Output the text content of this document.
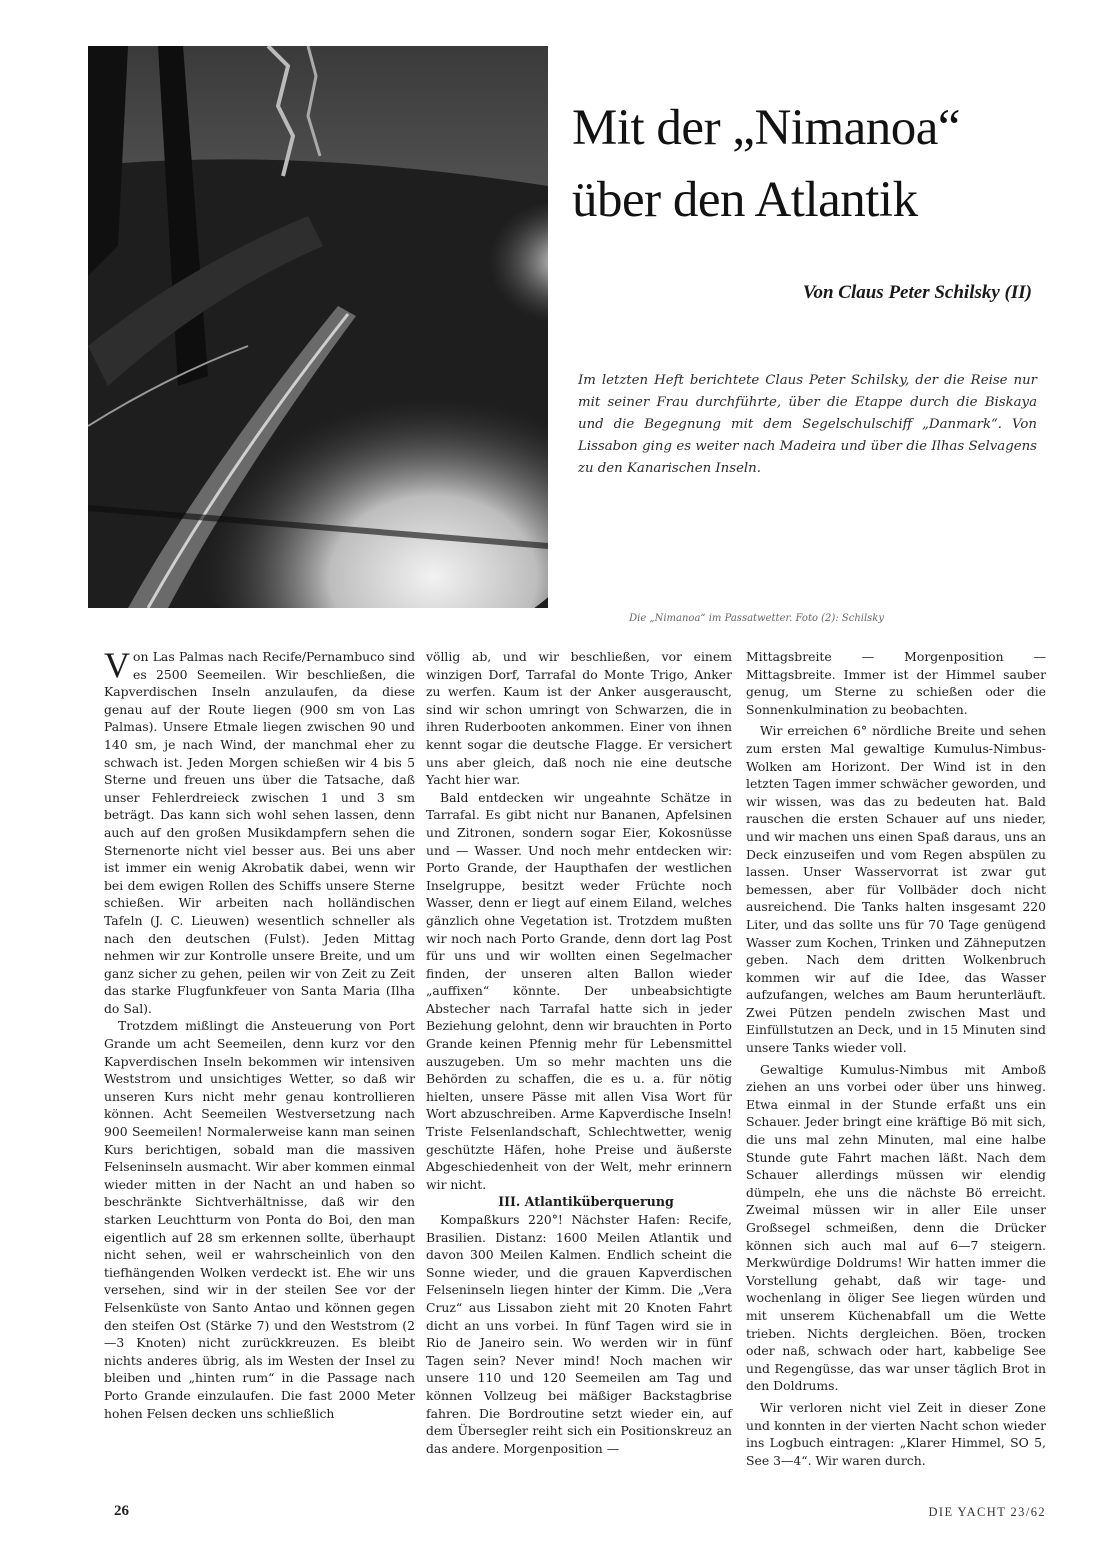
Mit der „Nimanoa“
über den Atlantik
Von Claus Peter Schilsky (II)

Im letzten Heft berichtete Claus Peter Schilsky, der die Reise nur mit seiner Frau durchführte, über die Etappe durch die Biskaya und die Begegnung mit dem Segelschulschiff „Danmark“. Von Lissabon ging es weiter nach Madeira und über die Ilhas Selvagens zu den Kanarischen Inseln.

Die „Nimanoa“ im Passatwetter. Foto (2): Schilsky

Von Las Palmas nach Recife/Pernambuco sind es 2500 Seemeilen. Wir beschließen, die Kapverdischen Inseln anzulaufen, da diese genau auf der Route liegen (900 sm von Las Palmas). Unsere Etmale liegen zwischen 90 und 140 sm, je nach Wind, der manchmal eher zu schwach ist. Jeden Morgen schießen wir 4 bis 5 Sterne und freuen uns über die Tatsache, daß unser Fehlerdreieck zwischen 1 und 3 sm beträgt. Das kann sich wohl sehen lassen, denn auch auf den großen Musikdampfern sehen die Sternenorte nicht viel besser aus. Bei uns aber ist immer ein wenig Akrobatik dabei, wenn wir bei dem ewigen Rollen des Schiffs unsere Sterne schießen. Wir arbeiten nach holländischen Tafeln (J. C. Lieuwen) wesentlich schneller als nach den deutschen (Fulst). Jeden Mittag nehmen wir zur Kontrolle unsere Breite, und um ganz sicher zu gehen, peilen wir von Zeit zu Zeit das starke Flugfunkfeuer von Santa Maria (Ilha do Sal).

Trotzdem mißlingt die Ansteuerung von Port Grande um acht Seemeilen, denn kurz vor den Kapverdischen Inseln bekommen wir intensiven Weststrom und unsichtiges Wetter, so daß wir unseren Kurs nicht mehr genau kontrollieren können. Acht Seemeilen Westversetzung nach 900 Seemeilen! Normalerweise kann man seinen Kurs berichtigen, sobald man die massiven Felseninseln ausmacht. Wir aber kommen einmal wieder mitten in der Nacht an und haben so beschränkte Sichtverhältnisse, daß wir den starken Leuchtturm von Ponta do Boi, den man eigentlich auf 28 sm erkennen sollte, überhaupt nicht sehen, weil er wahrscheinlich von den tiefhängenden Wolken verdeckt ist. Ehe wir uns versehen, sind wir in der steilen See vor der Felsenküste von Santo Antao und können gegen den steifen Ost (Stärke 7) und den Weststrom (2—3 Knoten) nicht zurückkreuzen. Es bleibt nichts anderes übrig, als im Westen der Insel zu bleiben und „hinten rum“ in die Passage nach Porto Grande einzulaufen. Die fast 2000 Meter hohen Felsen decken uns schließlich

völlig ab, und wir beschließen, vor einem winzigen Dorf, Tarrafal do Monte Trigo, Anker zu werfen. Kaum ist der Anker ausgerauscht, sind wir schon umringt von Schwarzen, die in ihren Ruderbooten ankommen. Einer von ihnen kennt sogar die deutsche Flagge. Er versichert uns aber gleich, daß noch nie eine deutsche Yacht hier war.

Bald entdecken wir ungeahnte Schätze in Tarrafal. Es gibt nicht nur Bananen, Apfelsinen und Zitronen, sondern sogar Eier, Kokosnüsse und — Wasser. Und noch mehr entdecken wir: Porto Grande, der Haupthafen der westlichen Inselgruppe, besitzt weder Früchte noch Wasser, denn er liegt auf einem Eiland, welches gänzlich ohne Vegetation ist. Trotzdem mußten wir noch nach Porto Grande, denn dort lag Post für uns und wir wollten einen Segelmacher finden, der unseren alten Ballon wieder „auffixen“ könnte. Der unbeabsichtigte Abstecher nach Tarrafal hatte sich in jeder Beziehung gelohnt, denn wir brauchten in Porto Grande keinen Pfennig mehr für Lebensmittel auszugeben. Um so mehr machten uns die Behörden zu schaffen, die es u. a. für nötig hielten, unsere Pässe mit allen Visa Wort für Wort abzuschreiben. Arme Kapverdische Inseln! Triste Felsenlandschaft, Schlechtwetter, wenig geschützte Häfen, hohe Preise und äußerste Abgeschiedenheit von der Welt, mehr erinnern wir nicht.

III. Atlantiküberquerung

Kompaßkurs 220°! Nächster Hafen: Recife, Brasilien. Distanz: 1600 Meilen Atlantik und davon 300 Meilen Kalmen. Endlich scheint die Sonne wieder, und die grauen Kapverdischen Felseninseln liegen hinter der Kimm. Die „Vera Cruz“ aus Lissabon zieht mit 20 Knoten Fahrt dicht an uns vorbei. In fünf Tagen wird sie in Rio de Janeiro sein. Wo werden wir in fünf Tagen sein? Never mind! Noch machen wir unsere 110 und 120 Seemeilen am Tag und können Vollzeug bei mäßiger Backstagbrise fahren. Die Bordroutine setzt wieder ein, auf dem Übersegler reiht sich ein Positionskreuz an das andere. Morgenposition —

Mittagsbreite — Morgenposition — Mittagsbreite. Immer ist der Himmel sauber genug, um Sterne zu schießen oder die Sonnenkulmination zu beobachten.

Wir erreichen 6° nördliche Breite und sehen zum ersten Mal gewaltige Kumulus-Nimbus-Wolken am Horizont. Der Wind ist in den letzten Tagen immer schwächer geworden, und wir wissen, was das zu bedeuten hat. Bald rauschen die ersten Schauer auf uns nieder, und wir machen uns einen Spaß daraus, uns an Deck einzuseifen und vom Regen abspülen zu lassen. Unser Wasservorrat ist zwar gut bemessen, aber für Vollbäder doch nicht ausreichend. Die Tanks halten insgesamt 220 Liter, und das sollte uns für 70 Tage genügend Wasser zum Kochen, Trinken und Zähneputzen geben. Nach dem dritten Wolkenbruch kommen wir auf die Idee, das Wasser aufzufangen, welches am Baum herunterläuft. Zwei Pützen pendeln zwischen Mast und Einfüllstutzen an Deck, und in 15 Minuten sind unsere Tanks wieder voll.

Gewaltige Kumulus-Nimbus mit Amboß ziehen an uns vorbei oder über uns hinweg. Etwa einmal in der Stunde erfaßt uns ein Schauer. Jeder bringt eine kräftige Bö mit sich, die uns mal zehn Minuten, mal eine halbe Stunde gute Fahrt machen läßt. Nach dem Schauer allerdings müssen wir elendig dümpeln, ehe uns die nächste Bö erreicht. Zweimal müssen wir in aller Eile unser Großsegel schmeißen, denn die Drücker können sich auch mal auf 6—7 steigern. Merkwürdige Doldrums! Wir hatten immer die Vorstellung gehabt, daß wir tage- und wochenlang in öliger See liegen würden und mit unserem Küchenabfall um die Wette trieben. Nichts dergleichen. Böen, trocken oder naß, schwach oder hart, kabbelige See und Regengüsse, das war unser täglich Brot in den Doldrums.

Wir verloren nicht viel Zeit in dieser Zone und konnten in der vierten Nacht schon wieder ins Logbuch eintragen: „Klarer Himmel, SO 5, See 3—4“. Wir waren durch.

26	DIE YACHT 23/62
